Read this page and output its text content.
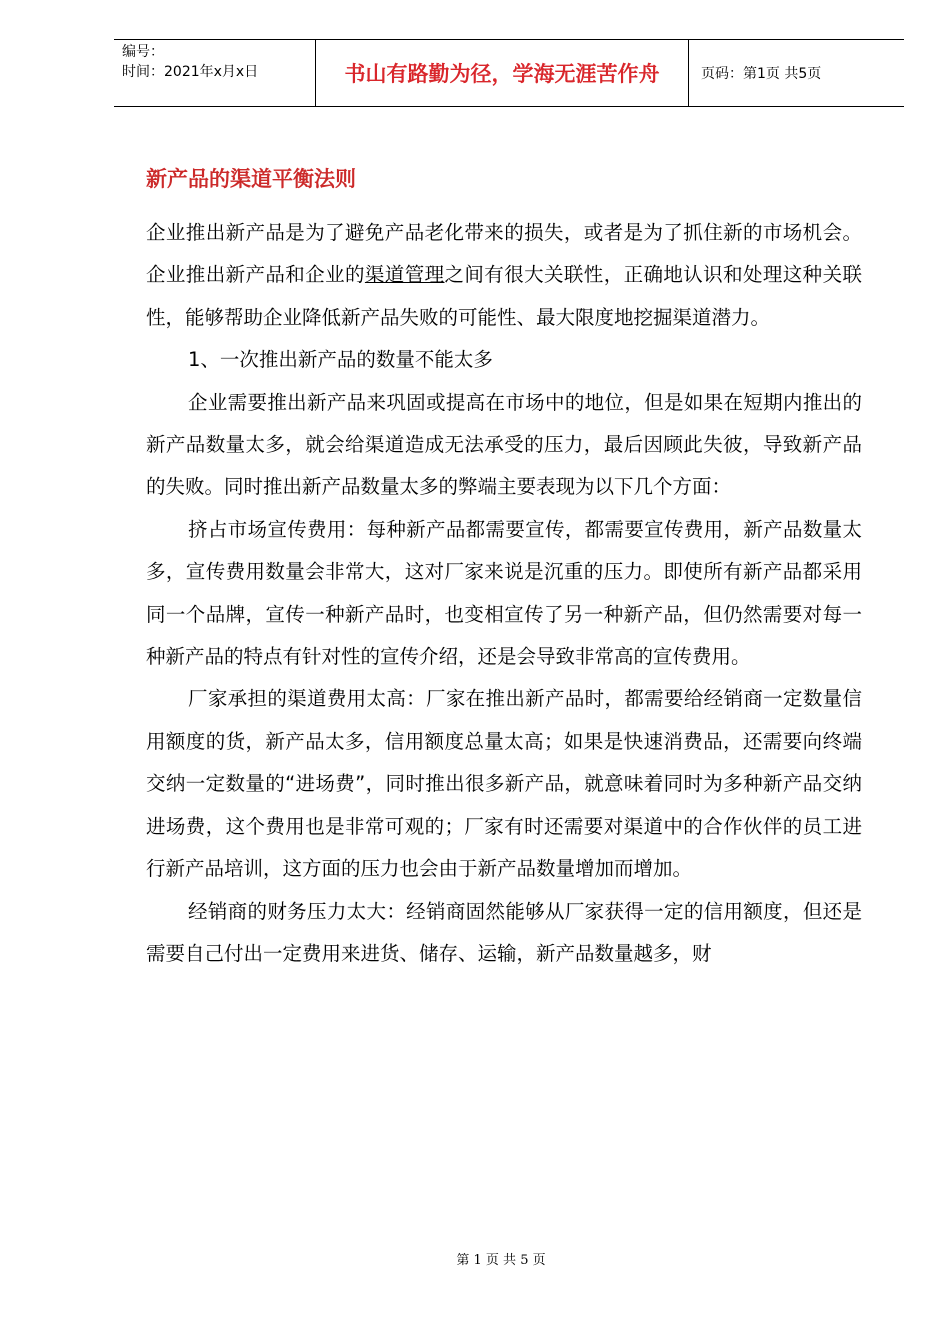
编号：
时间：2021年x月x日	书山有路勤为径，学海无涯苦作舟	页码：第1页 共5页
新产品的渠道平衡法则

企业推出新产品是为了避免产品老化带来的损失，或者是为了抓住新的市场机会。企业推出新产品和企业的渠道管理之间有很大关联性，正确地认识和处理这种关联性，能够帮助企业降低新产品失败的可能性、最大限度地挖掘渠道潜力。

1、一次推出新产品的数量不能太多

企业需要推出新产品来巩固或提高在市场中的地位，但是如果在短期内推出的新产品数量太多，就会给渠道造成无法承受的压力，最后因顾此失彼，导致新产品的失败。同时推出新产品数量太多的弊端主要表现为以下几个方面：

挤占市场宣传费用：每种新产品都需要宣传，都需要宣传费用，新产品数量太多，宣传费用数量会非常大，这对厂家来说是沉重的压力。即使所有新产品都采用同一个品牌，宣传一种新产品时，也变相宣传了另一种新产品，但仍然需要对每一种新产品的特点有针对性的宣传介绍，还是会导致非常高的宣传费用。

厂家承担的渠道费用太高：厂家在推出新产品时，都需要给经销商一定数量信用额度的货，新产品太多，信用额度总量太高；如果是快速消费品，还需要向终端交纳一定数量的“进场费”，同时推出很多新产品，就意味着同时为多种新产品交纳进场费，这个费用也是非常可观的；厂家有时还需要对渠道中的合作伙伴的员工进行新产品培训，这方面的压力也会由于新产品数量增加而增加。

经销商的财务压力太大：经销商固然能够从厂家获得一定的信用额度，但还是需要自己付出一定费用来进货、储存、运输，新产品数量越多，财

第 1 页 共 5 页
